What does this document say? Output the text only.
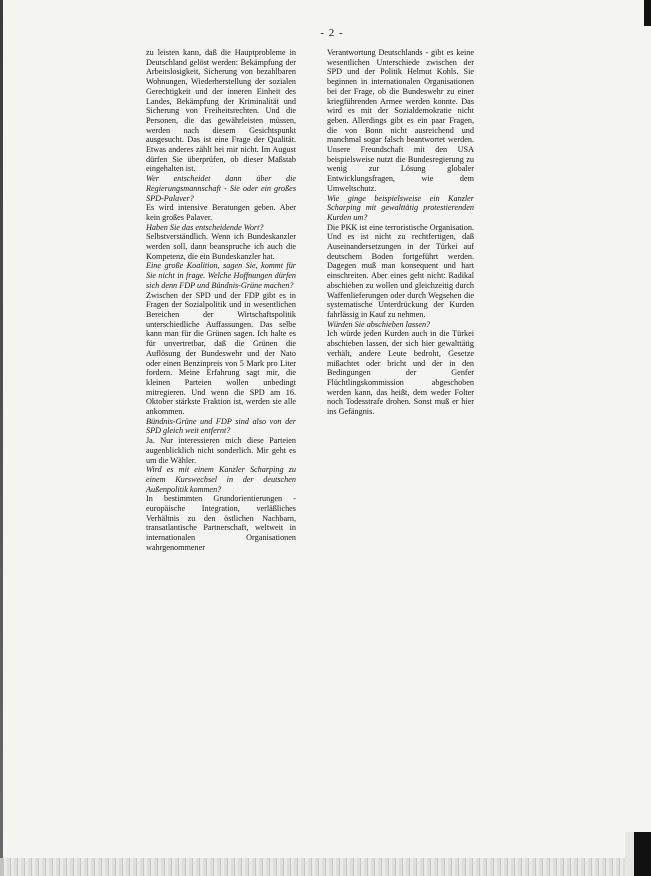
- 2 -

zu leisten kann, daß die Hauptprobleme in Deutschland gelöst werden: Bekämpfung der Arbeitslosigkeit, Sicherung von bezahlbaren Wohnungen, Wiederherstellung der sozialen Gerechtigkeit und der inneren Einheit des Landes, Bekämpfung der Kriminalität und Sicherung von Freiheitsrechten. Und die Personen, die das gewährleisten müssen, werden nach diesem Gesichtspunkt ausgesucht. Das ist eine Frage der Qualität. Etwas anderes zählt bei mir nicht. Im August dürfen Sie überprüfen, ob dieser Maßstab eingehalten ist.

Wer entscheidet dann über die Regierungsmannschaft - Sie oder ein großes SPD-Palaver?

Es wird intensive Beratungen geben. Aber kein großes Palaver.

Haben Sie das entscheidende Wort?

Selbstverständlich. Wenn ich Bundeskanzler werden soll, dann beanspruche ich auch die Kompetenz, die ein Bundeskanzler hat.

Eine große Koalition, sagen Sie, kommt für Sie nicht in frage. Welche Hoffnungen dürfen sich denn FDP und Bündnis-Grüne machen?

Zwischen der SPD und der FDP gibt es in Fragen der Sozialpolitik und in wesentlichen Bereichen der Wirtschaftspolitik unterschiedliche Auffassungen. Das selbe kann man für die Grünen sagen. Ich halte es für unvertretbar, daß die Grünen die Auflösung der Bundeswehr und der Nato oder einen Benzinpreis von 5 Mark pro Liter fordern. Meine Erfahrung sagt mir, die kleinen Parteien wollen unbedingt mitregieren. Und wenn die SPD am 16. Oktober stärkste Fraktion ist, werden sie alle ankommen.

Bündnis-Grüne und FDP sind also von der SPD gleich weit entfernt?

Ja. Nur interessieren mich diese Parteien augenblicklich nicht sonderlich. Mir geht es um die Wähler.

Wird es mit einem Kanzler Scharping zu einem Kurswechsel in der deutschen Außenpolitik kommen?

In bestimmten Grundorientierungen - europäische Integration, verläßliches Verhältnis zu den östlichen Nachbarn, transatlantische Partnerschaft, weltweit in internationalen Organisationen wahrgenommener

Verantwortung Deutschlands - gibt es keine wesentlichen Unterschiede zwischen der SPD und der Politik Helmut Kohls. Sie beginnen in internationalen Organisationen bei der Frage, ob die Bundeswehr zu einer kriegführenden Armee werden konnte. Das wird es mit der Sozialdemokratie nicht geben. Allerdings gibt es ein paar Fragen, die von Bonn nicht ausreichend und manchmal sogar falsch beantwortet werden. Unsere Freundschaft mit den USA beispielsweise nutzt die Bundesregierung zu wenig zur Lösung globaler Entwicklungsfragen, wie dem Umweltschutz.

Wie ginge beispielsweise ein Kanzler Scharping mit gewalttätig protestierenden Kurden um?

Die PKK ist eine terroristische Organisation. Und es ist nicht zu rechtfertigen, daß Auseinandersetzungen in der Türkei auf deutschem Boden fortgeführt werden. Dagegen muß man konsequent und hart einschreiten. Aber eines geht nicht: Radikal abschieben zu wollen und gleichzeitig durch Waffenlieferungen oder durch Wegsehen die systematische Unterdrückung der Kurden fahrlässig in Kauf zu nehmen.

Würden Sie abschieben lassen?

Ich würde jeden Kurden auch in die Türkei abschieben lassen, der sich hier gewalttätig verhält, andere Leute bedroht, Gesetze mißachtet oder bricht und der in den Bedingungen der Genfer Flüchtlingskommission abgeschoben werden kann, das heißt, dem weder Folter noch Todesstrafe drohen. Sonst muß er hier ins Gefängnis.
